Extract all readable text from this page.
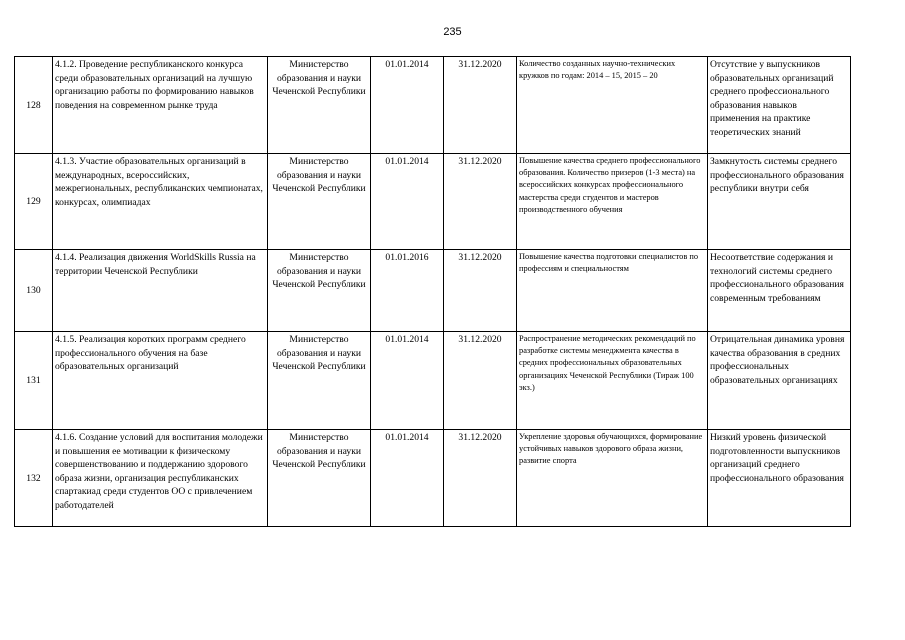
235
128	4.1.2. Проведение республиканского конкурса среди образовательных организаций на лучшую организацию работы по формированию навыков поведения на современном рынке труда	Министерство образования и науки Чеченской Республики	01.01.2014	31.12.2020	Количество созданных научно-технических кружков по годам: 2014 – 15, 2015 – 20	Отсутствие у выпускников образовательных организаций среднего профессионального образования навыков применения на практике теоретических знаний
129	4.1.3. Участие образовательных организаций в международных, всероссийских, межрегиональных, республиканских чемпионатах, конкурсах, олимпиадах	Министерство образования и науки Чеченской Республики	01.01.2014	31.12.2020	Повышение качества среднего профессионального образования. Количество призеров (1-3 места) на всероссийских конкурсах профессионального мастерства среди студентов и мастеров производственного обучения	Замкнутость системы среднего профессионального образования республики внутри себя
130	4.1.4. Реализация движения WorldSkills Russia на территории Чеченской Республики	Министерство образования и науки Чеченской Республики	01.01.2016	31.12.2020	Повышение качества подготовки специалистов по профессиям и специальностям	Несоответствие содержания и технологий системы среднего профессионального образования современным требованиям
131	4.1.5. Реализация коротких программ среднего профессионального обучения на базе образовательных организаций	Министерство образования и науки Чеченской Республики	01.01.2014	31.12.2020	Распространение методических рекомендаций по разработке системы менеджмента качества в средних профессиональных образовательных организациях Чеченской Республики (Тираж 100 экз.)	Отрицательная динамика уровня качества образования в средних профессиональных образовательных организациях
132	4.1.6. Создание условий для воспитания молодежи и повышения ее мотивации к физическому совершенствованию и поддержанию здорового образа жизни, организация республиканских спартакиад среди студентов ОО с привлечением работодателей	Министерство образования и науки Чеченской Республики	01.01.2014	31.12.2020	Укрепление здоровья обучающихся, формирование устойчивых навыков здорового образа жизни, развитие спорта	Низкий уровень физической подготовленности выпускников организаций среднего профессионального образования
